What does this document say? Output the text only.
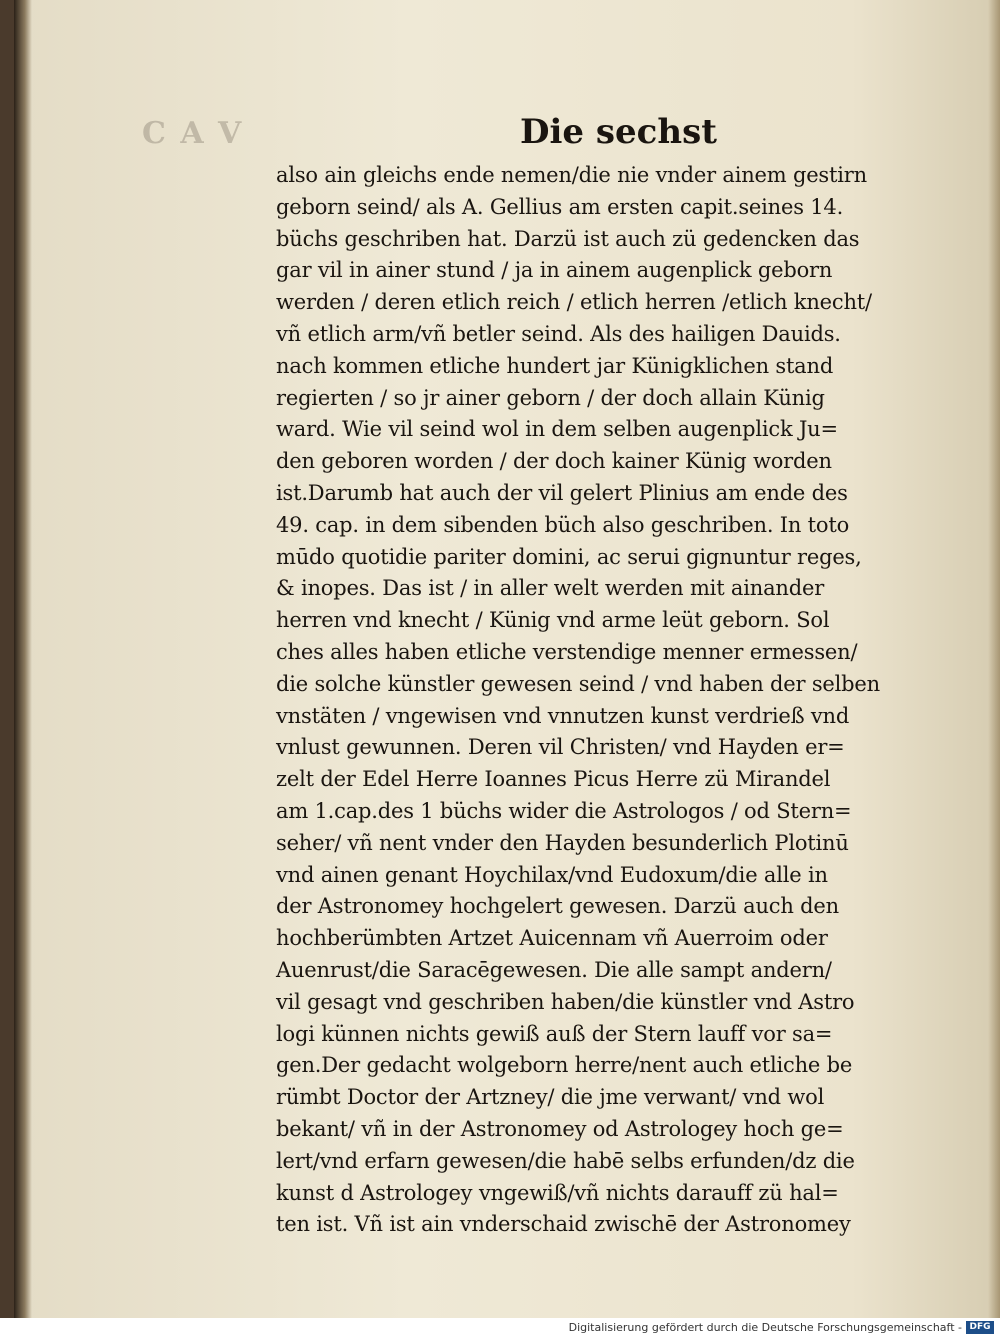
C A V	Die sechst
also ain gleichs ende nemen/die nie vnder ainem gestirn
geborn seind/ als A. Gellius am ersten capit.seines 14.
büchs geschriben hat. Darzü ist auch zü gedencken das
gar vil in ainer stund / ja in ainem augenplick geborn
werden / deren etlich reich / etlich herren /etlich knecht/
vñ etlich arm/vñ betler seind. Als des hailigen Dauids.
nach kommen etliche hundert jar Künigklichen stand
regierten / so jr ainer geborn / der doch allain Künig
ward. Wie vil seind wol in dem selben augenplick Ju=
den geboren worden / der doch kainer Künig worden
ist.Darumb hat auch der vil gelert Plinius am ende des
49. cap. in dem sibenden büch also geschriben. In toto
mūdo quotidie pariter domini, ac serui gignuntur reges,
& inopes. Das ist / in aller welt werden mit ainander
herren vnd knecht / Künig vnd arme leüt geborn. Sol
ches alles haben etliche verstendige menner ermessen/
die solche künstler gewesen seind / vnd haben der selben
vnstäten / vngewisen vnd vnnutzen kunst verdrieß vnd
vnlust gewunnen. Deren vil Christen/ vnd Hayden er=
zelt der Edel Herre Ioannes Picus Herre zü Mirandel
am 1.cap.des 1 büchs wider die Astrologos / od Stern=
seher/ vñ nent vnder den Hayden besunderlich Plotinū
vnd ainen genant Hoychilax/vnd Eudoxum/die alle in
der Astronomey hochgelert gewesen. Darzü auch den
hochberümbten Artzet Auicennam vñ Auerroim oder
Auenrust/die Saracēgewesen. Die alle sampt andern/
vil gesagt vnd geschriben haben/die künstler vnd Astro
logi künnen nichts gewiß auß der Stern lauff vor sa=
gen.Der gedacht wolgeborn herre/nent auch etliche be
rümbt Doctor der Artzney/ die jme verwant/ vnd wol
bekant/ vñ in der Astronomey od Astrologey hoch ge=
lert/vnd erfarn gewesen/die habē selbs erfunden/dz die
kunst d Astrologey vngewiß/vñ nichts darauff zü hal=
ten ist. Vñ ist ain vnderschaid zwischē der Astronomey
Digitalisierung gefördert durch die Deutsche Forschungsgemeinschaft - DFG
